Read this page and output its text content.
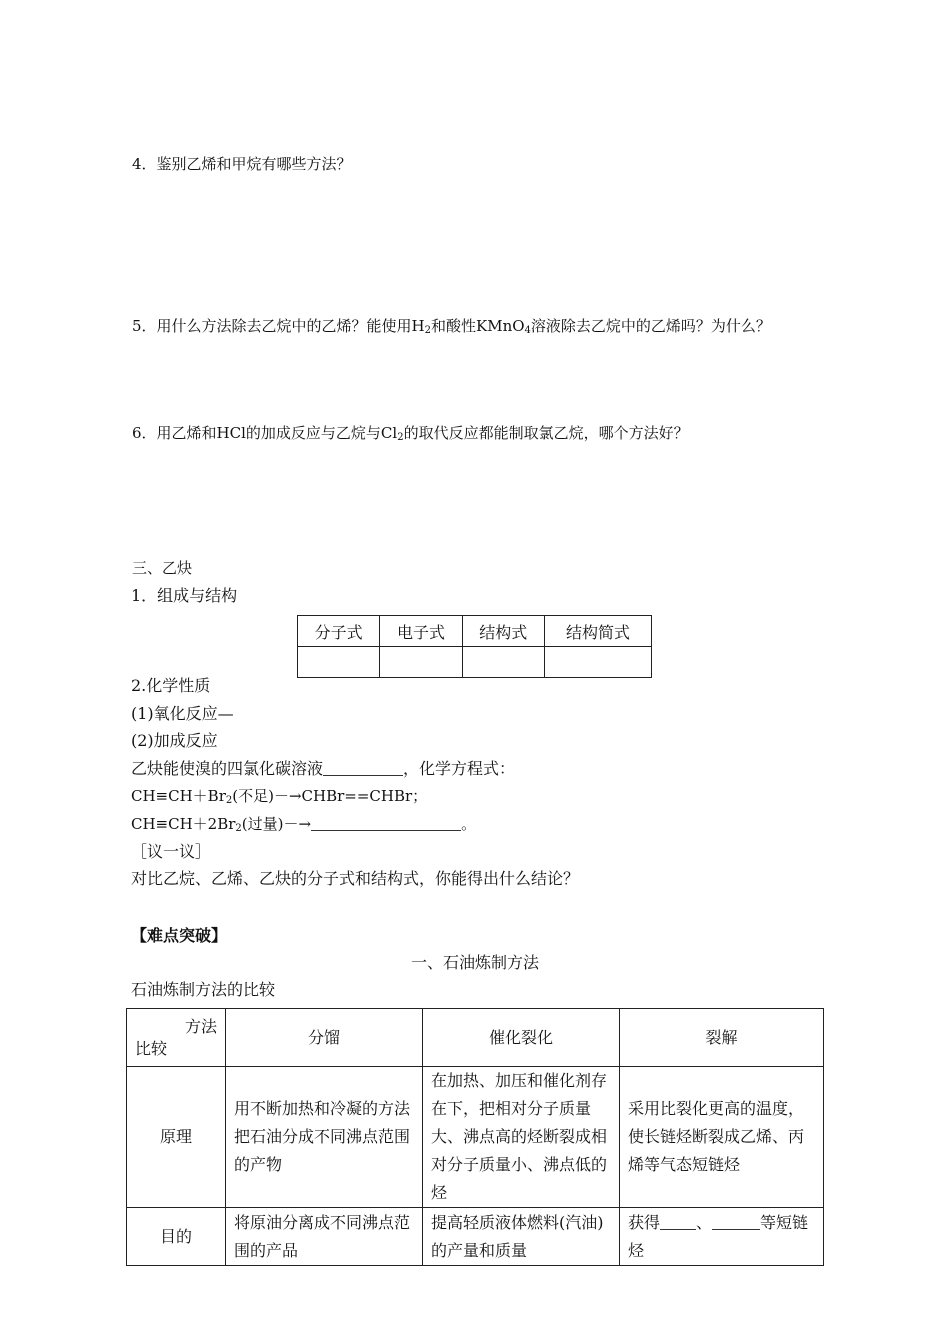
4．鉴别乙烯和甲烷有哪些方法？
5．用什么方法除去乙烷中的乙烯？能使用$H_2$和酸性KMnO$_4$溶液除去乙烷中的乙烯吗？为什么？
6．用乙烯和HCl的加成反应与乙烷与$Cl_2$的取代反应都能制取氯乙烷，哪个方法好？
三、乙炔
1．组成与结构
分子式	电子式	结构式	结构简式

2.化学性质
(1)氧化反应—
(2)加成反应
乙炔能使溴的四氯化碳溶液	，化学方程式：
$CH\equiv CH+Br_2$(不足)－→CHBr==CHBr；
$CH\equiv CH+2Br_2$(过量)－→	。
［议一议］
对比乙烷、乙烯、乙炔的分子式和结构式，你能得出什么结论？
【难点突破】
一、石油炼制方法
石油炼制方法的比较
方法
比较	分馏	催化裂化	裂解
原理	用不断加热和冷凝的方法把石油分成不同沸点范围的产物	在加热、加压和催化剂存在下，把相对分子质量大、沸点高的烃断裂成相对分子质量小、沸点低的烃	采用比裂化更高的温度，使长链烃断裂成乙烯、丙烯等气态短链烃
目的	将原油分离成不同沸点范围的产品	提高轻质液体燃料(汽油)的产量和质量	获得 、 等短链烃
